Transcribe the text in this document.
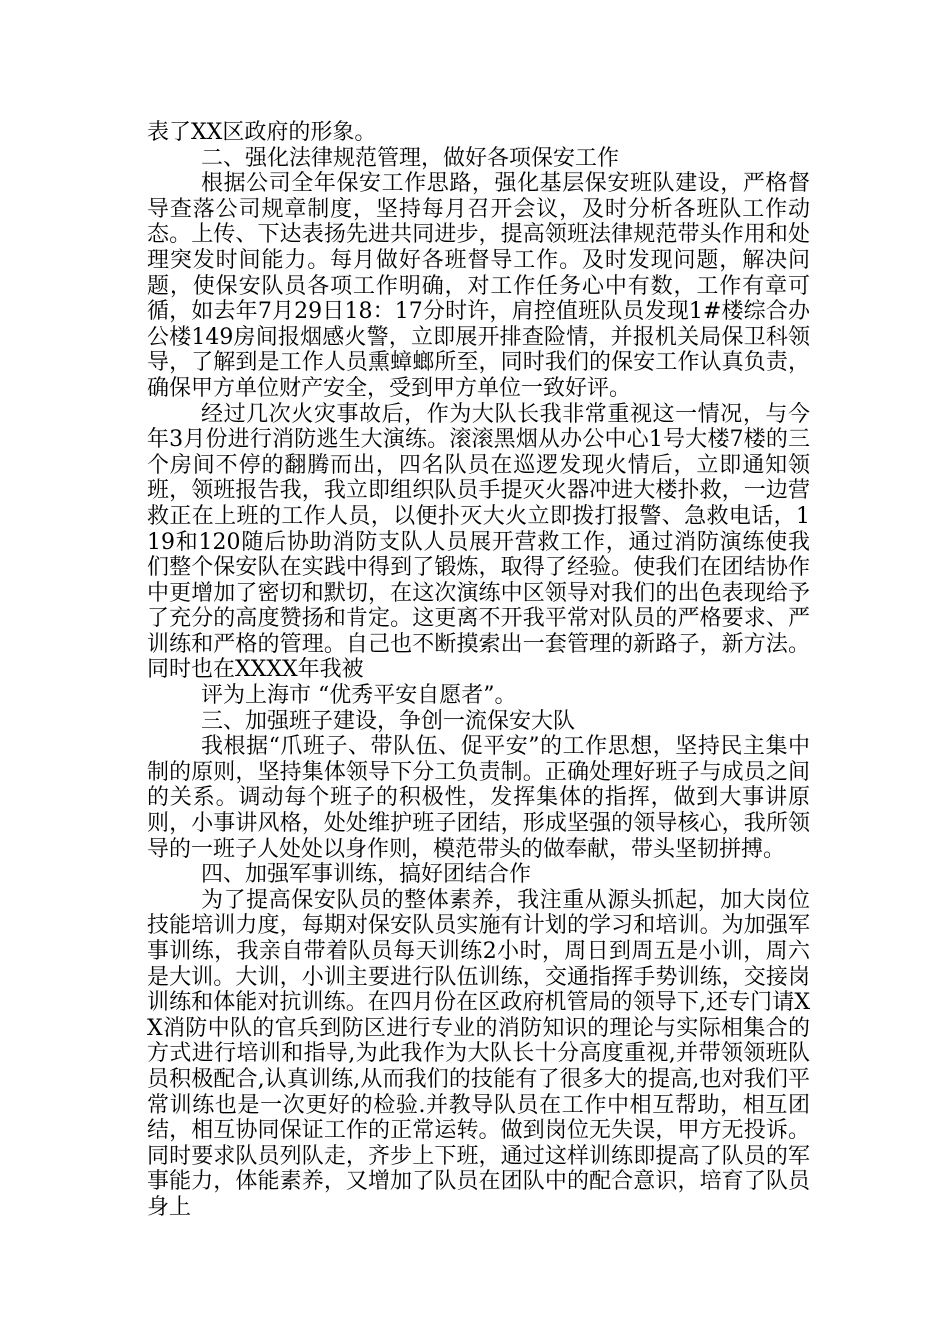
表了XX区政府的形象。

二、强化法律规范管理，做好各项保安工作

根据公司全年保安工作思路，强化基层保安班队建设，严格督导查落公司规章制度，坚持每月召开会议，及时分析各班队工作动态。上传、下达表扬先进共同进步，提高领班法律规范带头作用和处理突发时间能力。每月做好各班督导工作。及时发现问题，解决问题，使保安队员各项工作明确，对工作任务心中有数，工作有章可循，如去年7月29日18：17分时许，肩控值班队员发现1#楼综合办公楼149房间报烟感火警，立即展开排查险情，并报机关局保卫科领导，了解到是工作人员熏蟑螂所至，同时我们的保安工作认真负责，确保甲方单位财产安全，受到甲方单位一致好评。

经过几次火灾事故后，作为大队长我非常重视这一情况，与今年3月份进行消防逃生大演练。滚滚黑烟从办公中心1号大楼7楼的三个房间不停的翻腾而出，四名队员在巡逻发现火情后，立即通知领班，领班报告我，我立即组织队员手提灭火器冲进大楼扑救，一边营救正在上班的工作人员，以便扑灭大火立即拨打报警、急救电话，119和120随后协助消防支队人员展开营救工作，通过消防演练使我们整个保安队在实践中得到了锻炼，取得了经验。使我们在团结协作中更增加了密切和默切，在这次演练中区领导对我们的出色表现给予了充分的高度赞扬和肯定。这更离不开我平常对队员的严格要求、严训练和严格的管理。自己也不断摸索出一套管理的新路子，新方法。同时也在XXXX年我被

评为上海市 “优秀平安自愿者”。

三、加强班子建设，争创一流保安大队

我根据“爪班子、带队伍、促平安”的工作思想，坚持民主集中制的原则，坚持集体领导下分工负责制。正确处理好班子与成员之间的关系。调动每个班子的积极性，发挥集体的指挥，做到大事讲原则，小事讲风格，处处维护班子团结，形成坚强的领导核心，我所领导的一班子人处处以身作则，模范带头的做奉献，带头坚韧拼搏。

四、加强军事训练，搞好团结合作

为了提高保安队员的整体素养，我注重从源头抓起，加大岗位技能培训力度，每期对保安队员实施有计划的学习和培训。为加强军事训练，我亲自带着队员每天训练2小时，周日到周五是小训，周六是大训。大训，小训主要进行队伍训练，交通指挥手势训练，交接岗训练和体能对抗训练。在四月份在区政府机管局的领导下,还专门请XX消防中队的官兵到防区进行专业的消防知识的理论与实际相集合的方式进行培训和指导,为此我作为大队长十分高度重视,并带领领班队员积极配合,认真训练,从而我们的技能有了很多大的提高,也对我们平常训练也是一次更好的检验.并教导队员在工作中相互帮助，相互团结，相互协同保证工作的正常运转。做到岗位无失误，甲方无投诉。同时要求队员列队走，齐步上下班，通过这样训练即提高了队员的军事能力，体能素养，又增加了队员在团队中的配合意识，培育了队员身上
